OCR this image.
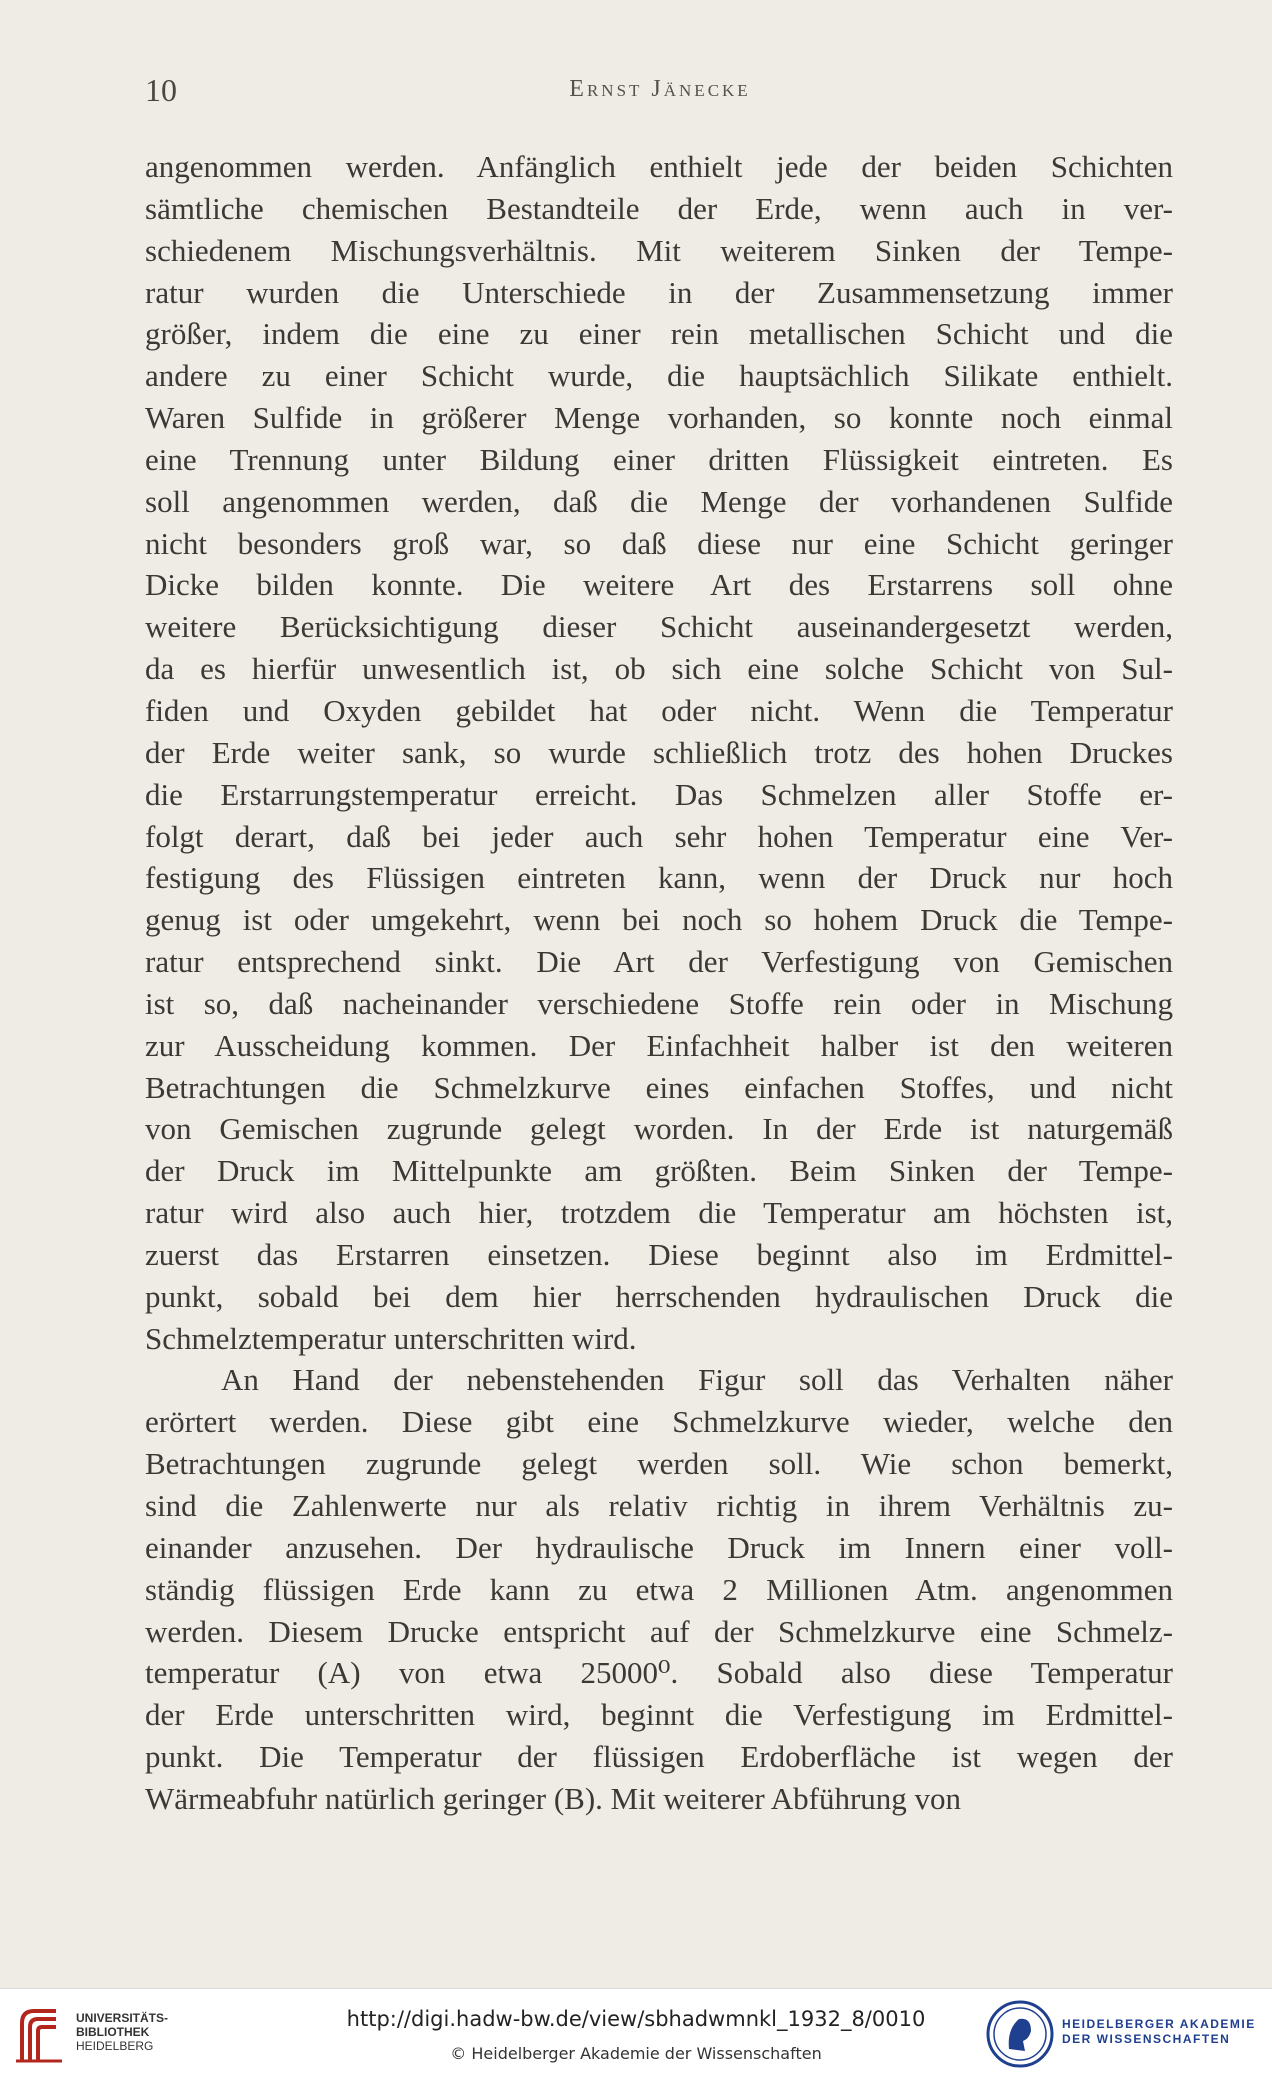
10	Ernst Jänecke

angenommen werden. Anfänglich enthielt jede der beiden Schichten
sämtliche chemischen Bestandteile der Erde, wenn auch in ver-
schiedenem Mischungsverhältnis. Mit weiterem Sinken der Tempe-
ratur wurden die Unterschiede in der Zusammensetzung immer
größer, indem die eine zu einer rein metallischen Schicht und die
andere zu einer Schicht wurde, die hauptsächlich Silikate enthielt.
Waren Sulfide in größerer Menge vorhanden, so konnte noch einmal
eine Trennung unter Bildung einer dritten Flüssigkeit eintreten. Es
soll angenommen werden, daß die Menge der vorhandenen Sulfide
nicht besonders groß war, so daß diese nur eine Schicht geringer
Dicke bilden konnte. Die weitere Art des Erstarrens soll ohne
weitere Berücksichtigung dieser Schicht auseinandergesetzt werden,
da es hierfür unwesentlich ist, ob sich eine solche Schicht von Sul-
fiden und Oxyden gebildet hat oder nicht. Wenn die Temperatur
der Erde weiter sank, so wurde schließlich trotz des hohen Druckes
die Erstarrungstemperatur erreicht. Das Schmelzen aller Stoffe er-
folgt derart, daß bei jeder auch sehr hohen Temperatur eine Ver-
festigung des Flüssigen eintreten kann, wenn der Druck nur hoch
genug ist oder umgekehrt, wenn bei noch so hohem Druck die Tempe-
ratur entsprechend sinkt. Die Art der Verfestigung von Gemischen
ist so, daß nacheinander verschiedene Stoffe rein oder in Mischung
zur Ausscheidung kommen. Der Einfachheit halber ist den weiteren
Betrachtungen die Schmelzkurve eines einfachen Stoffes, und nicht
von Gemischen zugrunde gelegt worden. In der Erde ist naturgemäß
der Druck im Mittelpunkte am größten. Beim Sinken der Tempe-
ratur wird also auch hier, trotzdem die Temperatur am höchsten ist,
zuerst das Erstarren einsetzen. Diese beginnt also im Erdmittel-
punkt, sobald bei dem hier herrschenden hydraulischen Druck die
Schmelztemperatur unterschritten wird.

An Hand der nebenstehenden Figur soll das Verhalten näher
erörtert werden. Diese gibt eine Schmelzkurve wieder, welche den
Betrachtungen zugrunde gelegt werden soll. Wie schon bemerkt,
sind die Zahlenwerte nur als relativ richtig in ihrem Verhältnis zu-
einander anzusehen. Der hydraulische Druck im Innern einer voll-
ständig flüssigen Erde kann zu etwa 2 Millionen Atm. angenommen
werden. Diesem Drucke entspricht auf der Schmelzkurve eine Schmelz-
temperatur (A) von etwa 25000⁰. Sobald also diese Temperatur
der Erde unterschritten wird, beginnt die Verfestigung im Erdmittel-
punkt. Die Temperatur der flüssigen Erdoberfläche ist wegen der
Wärmeabfuhr natürlich geringer (B). Mit weiterer Abführung von

UNIVERSITÄTS-
BIBLIOTHEK
HEIDELBERG
http://digi.hadw-bw.de/view/sbhadwmnkl_1932_8/0010
© Heidelberger Akademie der Wissenschaften
HEIDELBERGER AKADEMIE
DER WISSENSCHAFTEN
